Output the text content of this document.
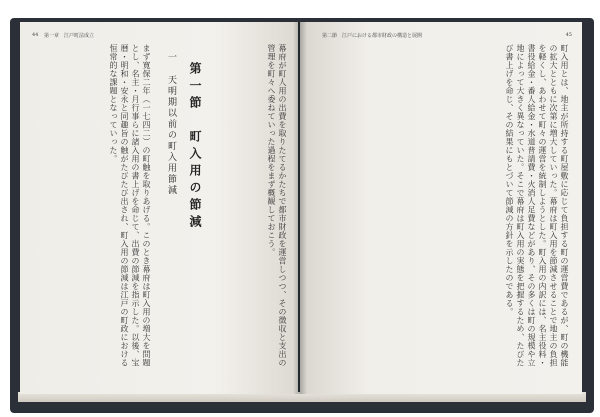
44 第一章　江戸町法成立
幕府が町人用の出費を取りたてるかたちで都市財政を運営しつつ、その徴収と支出の管理を町々へ委ねていった過程をまず概観しておこう。
第一節　町入用の節減
一 天明期以前の町入用節減
まず寛保二年（一七四二）の町触を取りあげる。このとき幕府は町入用の増大を問題とし、名主・月行事らに諸入用の書上げを命じて、出費の節減を指示した。以後、宝暦・明和・安永と同趣旨の触がたびたび出され、町入用の節減は江戸の町政における恒常的な課題となっていった。
第二節　江戸における都市財政の構造と展開	45
町入用とは、地主が所持する町屋敷に応じて負担する町の運営費であるが、町の機能の拡大とともに次第に増大していった。幕府は町入用を節減させることで地主の負担を軽くし、あわせて町々の運営を統制しようとした。町入用の内訳には、名主役料・書役給金・番人給金・水道普請費・火消人足費などがあり、その多くは町の規模や立地によって大きく異なっていた。そこで幕府は町入用の実態を把握するため、たびたび書上げを命じ、その結果にもとづいて節減の方針を示したのである。
